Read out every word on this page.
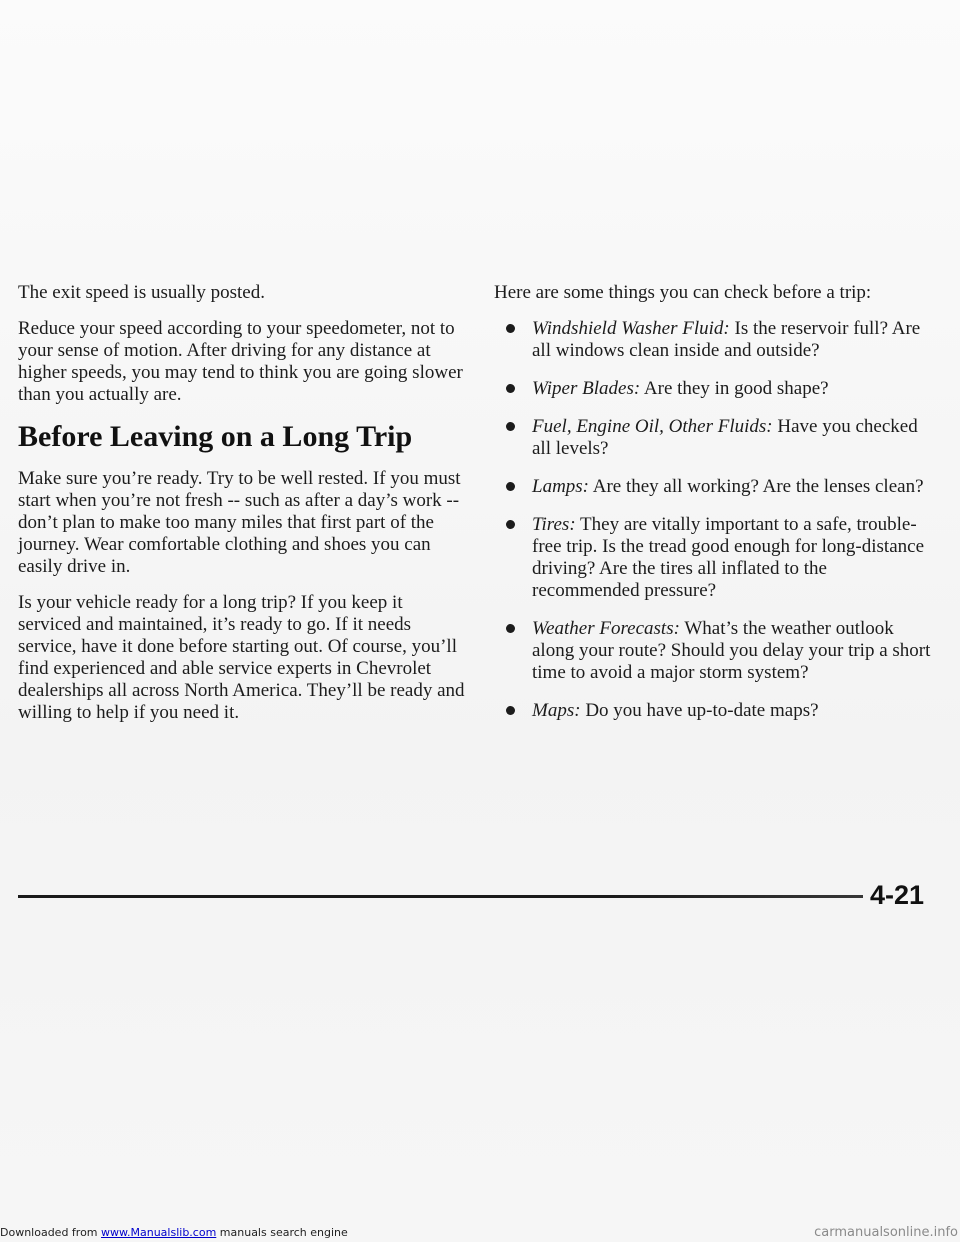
The exit speed is usually posted.

Reduce your speed according to your speedometer, not to your sense of motion. After driving for any distance at higher speeds, you may tend to think you are going slower than you actually are.

Before Leaving on a Long Trip

Make sure you’re ready. Try to be well rested. If you must start when you’re not fresh -- such as after a day’s work -- don’t plan to make too many miles that first part of the journey. Wear comfortable clothing and shoes you can easily drive in.

Is your vehicle ready for a long trip? If you keep it serviced and maintained, it’s ready to go. If it needs service, have it done before starting out. Of course, you’ll find experienced and able service experts in Chevrolet dealerships all across North America. They’ll be ready and willing to help if you need it.

Here are some things you can check before a trip:

Windshield Washer Fluid: Is the reservoir full? Are all windows clean inside and outside?
Wiper Blades: Are they in good shape?
Fuel, Engine Oil, Other Fluids: Have you checked all levels?
Lamps: Are they all working? Are the lenses clean?
Tires: They are vitally important to a safe, trouble-free trip. Is the tread good enough for long-distance driving? Are the tires all inflated to the recommended pressure?
Weather Forecasts: What’s the weather outlook along your route? Should you delay your trip a short time to avoid a major storm system?
Maps: Do you have up-to-date maps?
4-21
Downloaded from www.Manualslib.com manuals search engine	carmanualsonline.info
